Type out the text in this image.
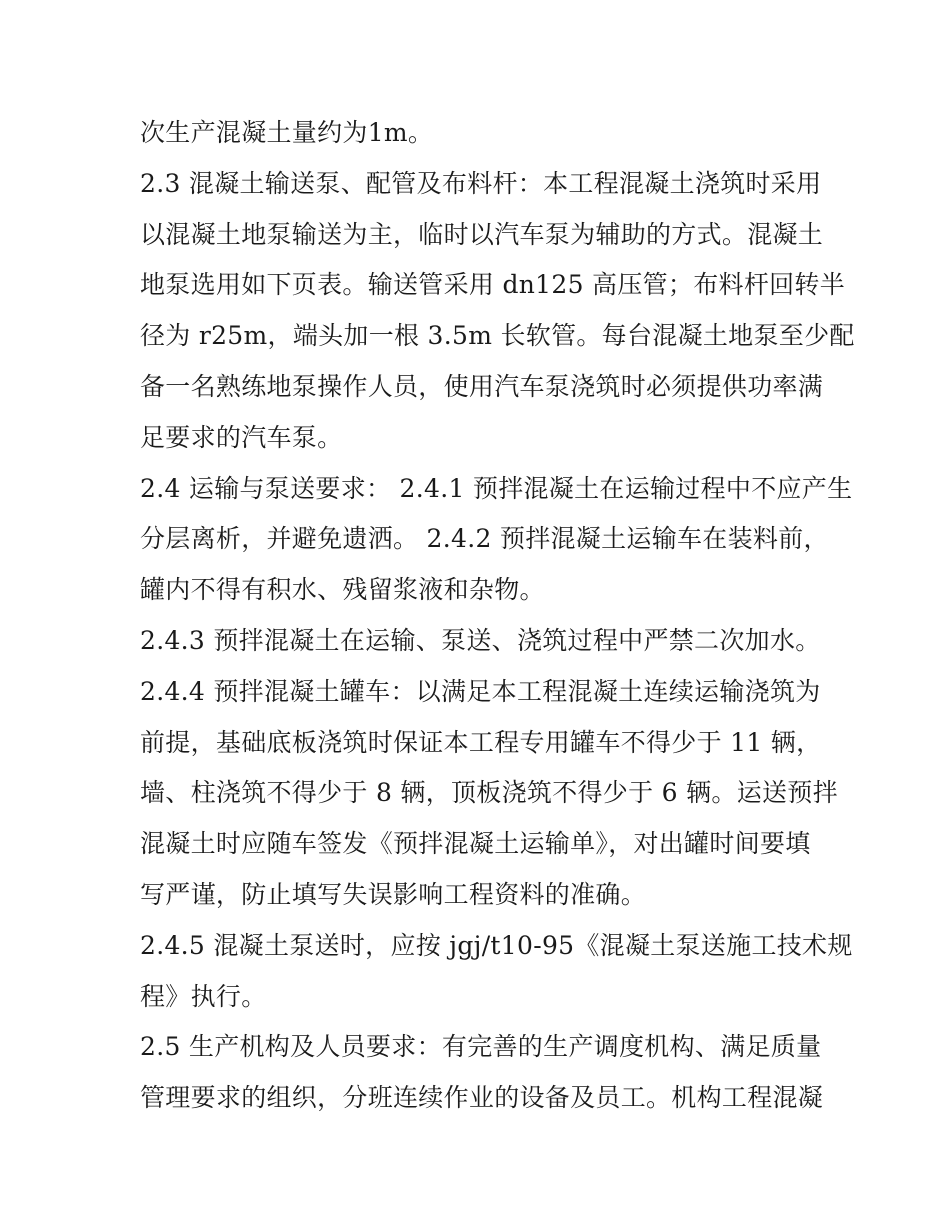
次生产混凝土量约为1m。
2.3 混凝土输送泵、配管及布料杆：本工程混凝土浇筑时采用
以混凝土地泵输送为主，临时以汽车泵为辅助的方式。混凝土
地泵选用如下页表。输送管采用 dn125 高压管；布料杆回转半
径为 r25m，端头加一根 3.5m 长软管。每台混凝土地泵至少配
备一名熟练地泵操作人员，使用汽车泵浇筑时必须提供功率满
足要求的汽车泵。
2.4 运输与泵送要求： 2.4.1 预拌混凝土在运输过程中不应产生
分层离析，并避免遗洒。 2.4.2 预拌混凝土运输车在装料前，
罐内不得有积水、残留浆液和杂物。
2.4.3 预拌混凝土在运输、泵送、浇筑过程中严禁二次加水。
2.4.4 预拌混凝土罐车：以满足本工程混凝土连续运输浇筑为
前提，基础底板浇筑时保证本工程专用罐车不得少于 11 辆，
墙、柱浇筑不得少于 8 辆，顶板浇筑不得少于 6 辆。运送预拌
混凝土时应随车签发《预拌混凝土运输单》，对出罐时间要填
写严谨，防止填写失误影响工程资料的准确。
2.4.5 混凝土泵送时，应按 jgj/t10-95《混凝土泵送施工技术规
程》执行。
2.5 生产机构及人员要求：有完善的生产调度机构、满足质量
管理要求的组织，分班连续作业的设备及员工。机构工程混凝
